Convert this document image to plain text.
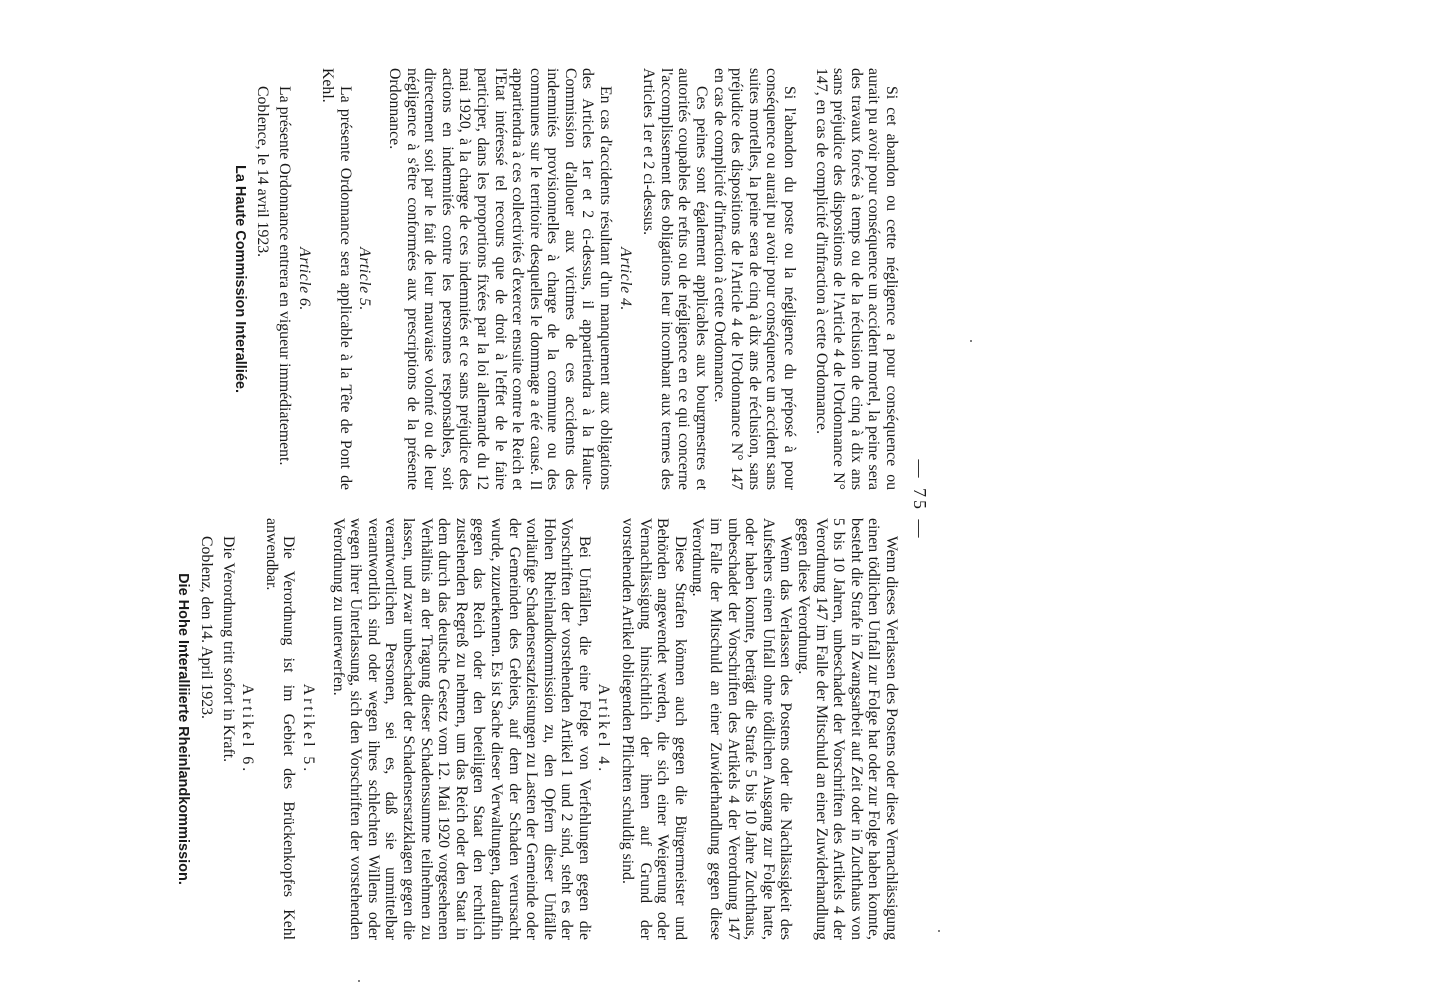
— 75 —

Si cet abandon ou cette négligence a pour conséquence ou aurait pu avoir pour conséquence un accident mortel, la peine sera des travaux forcés à temps ou de la réclusion de cinq à dix ans sans préjudice des dispositions de l'Article 4 de l'Ordonnance N° 147, en cas de complicité d'infraction à cette Ordonnance.

Si l'abandon du poste ou la négligence du préposé à pour conséquence ou aurait pu avoir pour conséquence un accident sans suites mortelles, la peine sera de cinq à dix ans de réclusion, sans préjudice des dispositions de l'Article 4 de l'Ordonnance N° 147 en cas de complicité d'infraction à cette Ordonnance.

Ces peines sont également applicables aux bourgmestres et autorités coupables de refus ou de négligence en ce qui concerne l'accomplissement des obligations leur incombant aux termes des Articles 1er et 2 ci-dessus.

Article 4.

En cas d'accidents résultant d'un manquement aux obligations des Articles 1er et 2 ci-dessus, il appartiendra à la Haute-Commission d'allouer aux victimes de ces accidents des indemnités provisionnelles à charge de la commune ou des communes sur le territoire desquelles le dommage a été causé. Il appartiendra à ces collectivités d'exercer ensuite contre le Reich et l'Etat intéressé tel recours que de droit à l'effet de le faire participer, dans les proportions fixées par la loi allemande du 12 mai 1920, à la charge de ces indemnités et ce sans préjudice des actions en indemnités contre les personnes responsables, soit directement soit par le fait de leur mauvaise volonté ou de leur négligence à s'être conformées aux prescriptions de la présente Ordonnance.

Article 5.

La présente Ordonnance sera applicable à la Tête de Pont de Kehl.

Article 6.

La présente Ordonnance entrera en vigueur immédiatement.

Coblence, le 14 avril 1923.

La Haute Commission Interalliée.

Wenn dieses Verlassen des Postens oder diese Vernachlässigung einen tödlichen Unfall zur Folge hat oder zur Folge haben konnte, besteht die Strafe in Zwangsarbeit auf Zeit oder in Zuchthaus von 5 bis 10 Jahren, unbeschadet der Vorschriften des Artikels 4 der Verordnung 147 im Falle der Mitschuld an einer Zuwiderhandlung gegen diese Verordnung.

Wenn das Verlassen des Postens oder die Nachlässigkeit des Aufsehers einen Unfall ohne tödlichen Ausgang zur Folge hatte, oder haben konnte, beträgt die Strafe 5 bis 10 Jahre Zuchthaus, unbeschadet der Vorschriften des Artikels 4 der Verordnung 147 im Falle der Mitschuld an einer Zuwiderhandlung gegen diese Verordnung.

Diese Strafen können auch gegen die Bürgermeister und Behörden angewendet werden, die sich einer Weigerung oder Vernachlässigung hinsichtlich der ihnen auf Grund der vorstehenden Artikel obliegenden Pflichten schuldig sind.

Artikel 4.

Bei Unfällen, die eine Folge von Verfehlungen gegen die Vorschriften der vorstehenden Artikel 1 und 2 sind, steht es der Hohen Rheinlandkommission zu, den Opfern dieser Unfälle vorläufige Schadensersatzleistungen zu Lasten der Gemeinde oder der Gemeinden des Gebiets, auf dem der Schaden verursacht wurde, zuzuerkennen. Es ist Sache dieser Verwaltungen, daraufhin gegen das Reich oder den beteiligten Staat den rechtlich zustehenden Regreß zu nehmen, um das Reich oder den Staat in dem durch das deutsche Gesetz vom 12. Mai 1920 vorgesehenen Verhältnis an der Tragung dieser Schadenssumme teilnehmen zu lassen, und zwar unbeschadet der Schadensersatzklagen gegen die verantwortlichen Personen, sei es, daß sie unmittelbar verantwortlich sind oder wegen ihres schlechten Willens oder wegen ihrer Unterlassung, sich den Vorschriften der vorstehenden Verordnung zu unterwerfen.

Artikel 5.

Die Verordnung ist im Gebiet des Brückenkopfes Kehl anwendbar.

Artikel 6.

Die Verordnung tritt sofort in Kraft.

Coblenz, den 14. April 1923.

Die Hohe Interalliierte Rheinlandkommission.
